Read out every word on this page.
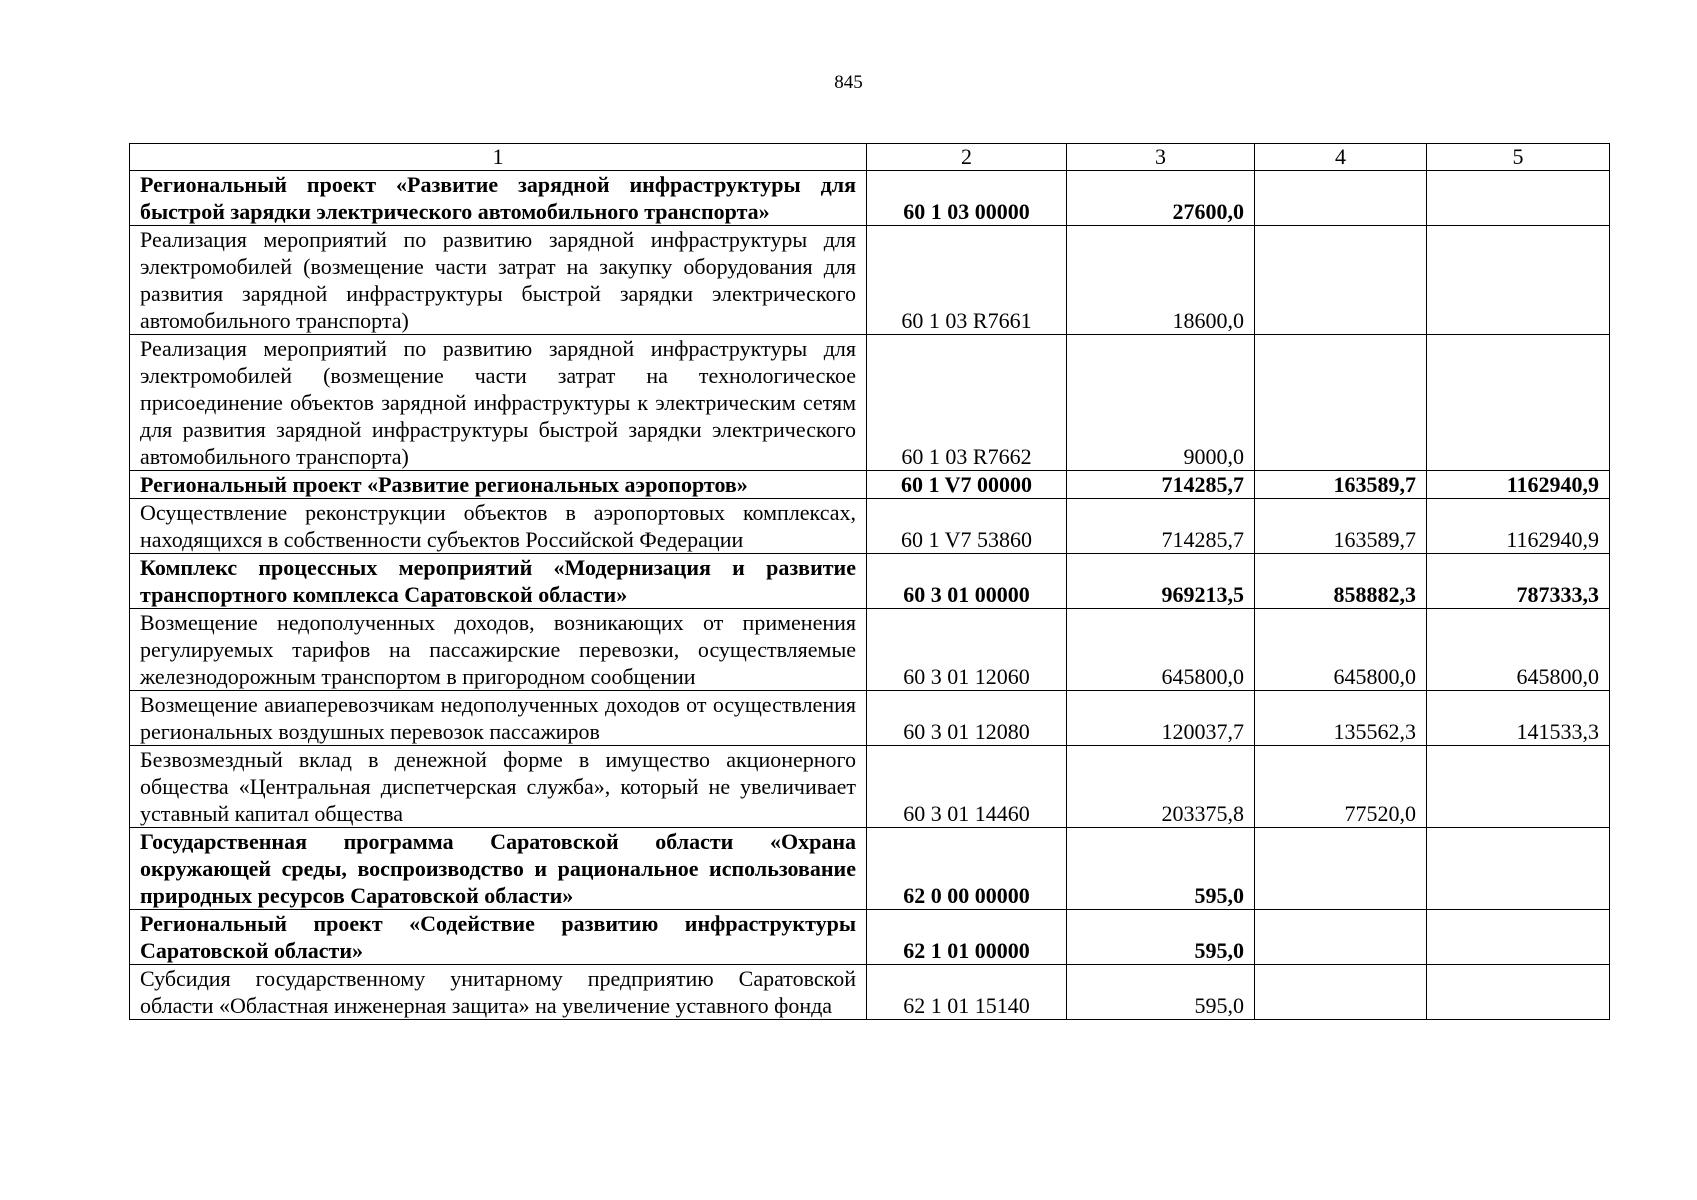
845
1	2	3	4	5
Региональный проект «Развитие зарядной инфраструктуры для быстрой зарядки электрического автомобильного транспорта»	60 1 03 00000	27600,0		
Реализация мероприятий по развитию зарядной инфраструктуры для электромобилей (возмещение части затрат на закупку оборудования для развития зарядной инфраструктуры быстрой зарядки электрического автомобильного транспорта)	60 1 03 R7661	18600,0		
Реализация мероприятий по развитию зарядной инфраструктуры для электромобилей (возмещение части затрат на технологическое присоединение объектов зарядной инфраструктуры к электрическим сетям для развития зарядной инфраструктуры быстрой зарядки электрического автомобильного транспорта)	60 1 03 R7662	9000,0		
Региональный проект «Развитие региональных аэропортов»	60 1 V7 00000	714285,7	163589,7	1162940,9
Осуществление реконструкции объектов в аэропортовых комплексах, находящихся в собственности субъектов Российской Федерации	60 1 V7 53860	714285,7	163589,7	1162940,9
Комплекс процессных мероприятий «Модернизация и развитие транспортного комплекса Саратовской области»	60 3 01 00000	969213,5	858882,3	787333,3
Возмещение недополученных доходов, возникающих от применения регулируемых тарифов на пассажирские перевозки, осуществляемые железнодорожным транспортом в пригородном сообщении	60 3 01 12060	645800,0	645800,0	645800,0
Возмещение авиаперевозчикам недополученных доходов от осуществления региональных воздушных перевозок пассажиров	60 3 01 12080	120037,7	135562,3	141533,3
Безвозмездный вклад в денежной форме в имущество акционерного общества «Центральная диспетчерская служба», который не увеличивает уставный капитал общества	60 3 01 14460	203375,8	77520,0	
Государственная программа Саратовской области «Охрана окружающей среды, воспроизводство и рациональное использование природных ресурсов Саратовской области»	62 0 00 00000	595,0		
Региональный проект «Содействие развитию инфраструктуры Саратовской области»	62 1 01 00000	595,0		
Субсидия государственному унитарному предприятию Саратовской области «Областная инженерная защита» на увеличение уставного фонда	62 1 01 15140	595,0		
